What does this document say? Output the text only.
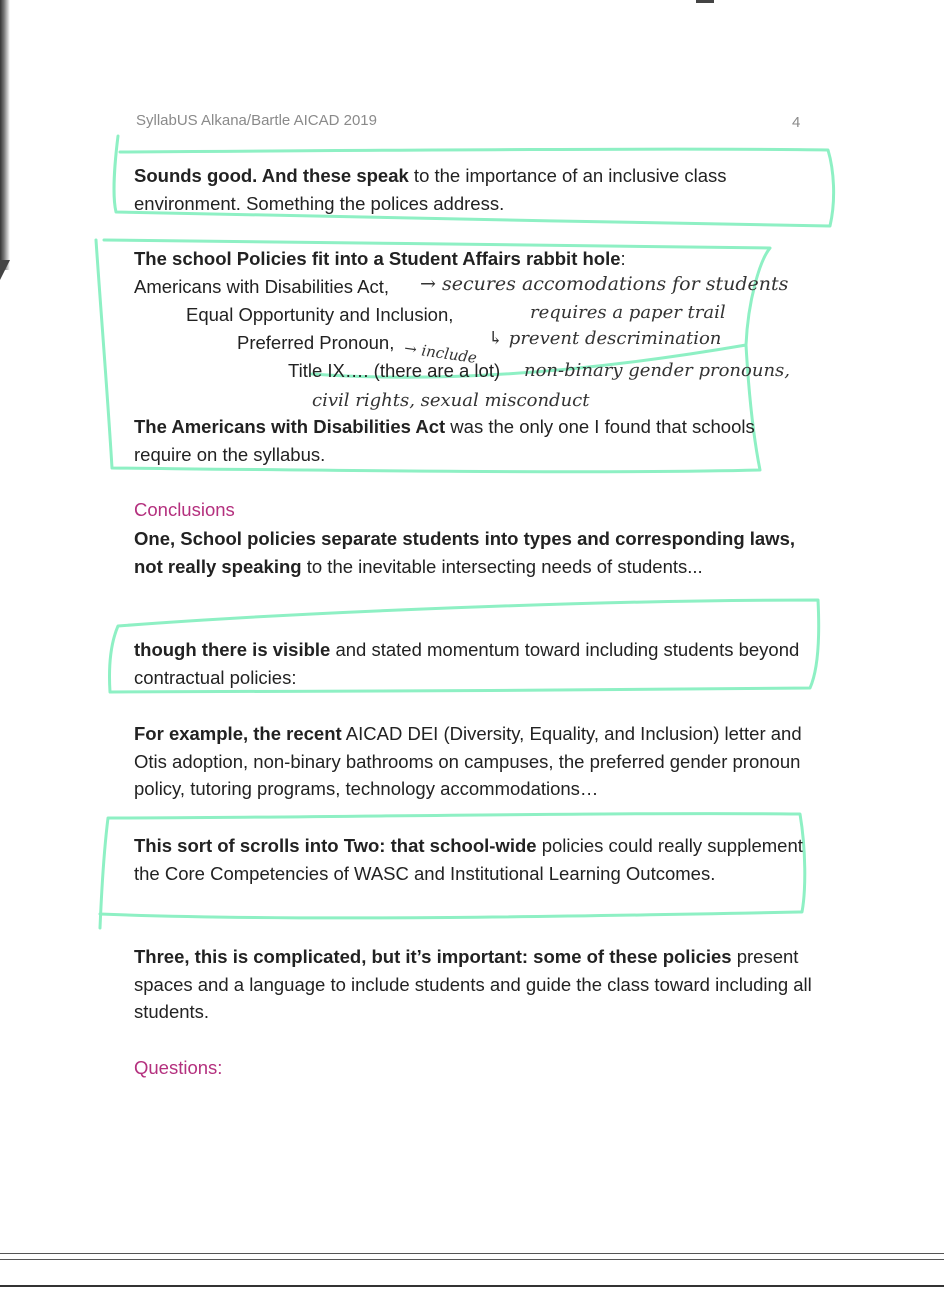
SyllabUS Alkana/Bartle AICAD 2019	4

Sounds good. And these speak to the importance of an inclusive class environment. Something the polices address.

The school Policies fit into a Student Affairs rabbit hole:

Americans with Disabilities Act,
Equal Opportunity and Inclusion,
Preferred Pronoun,
Title IX…. (there are a lot)
→ secures accomodations for students
requires a paper trail
↳ prevent descrimination
→ include
non-binary gender pronouns,
civil rights, sexual misconduct

The Americans with Disabilities Act was the only one I found that schools require on the syllabus.

Conclusions

One, School policies separate students into types and corresponding laws, not really speaking to the inevitable intersecting needs of students...

though there is visible and stated momentum toward including students beyond contractual policies:

For example, the recent AICAD DEI (Diversity, Equality, and Inclusion) letter and Otis adoption, non-binary bathrooms on campuses, the preferred gender pronoun policy, tutoring programs, technology accommodations…

This sort of scrolls into Two: that school-wide policies could really supplement the Core Competencies of WASC and Institutional Learning Outcomes.

Three, this is complicated, but it’s important: some of these policies present spaces and a language to include students and guide the class toward including all students.

Questions:
